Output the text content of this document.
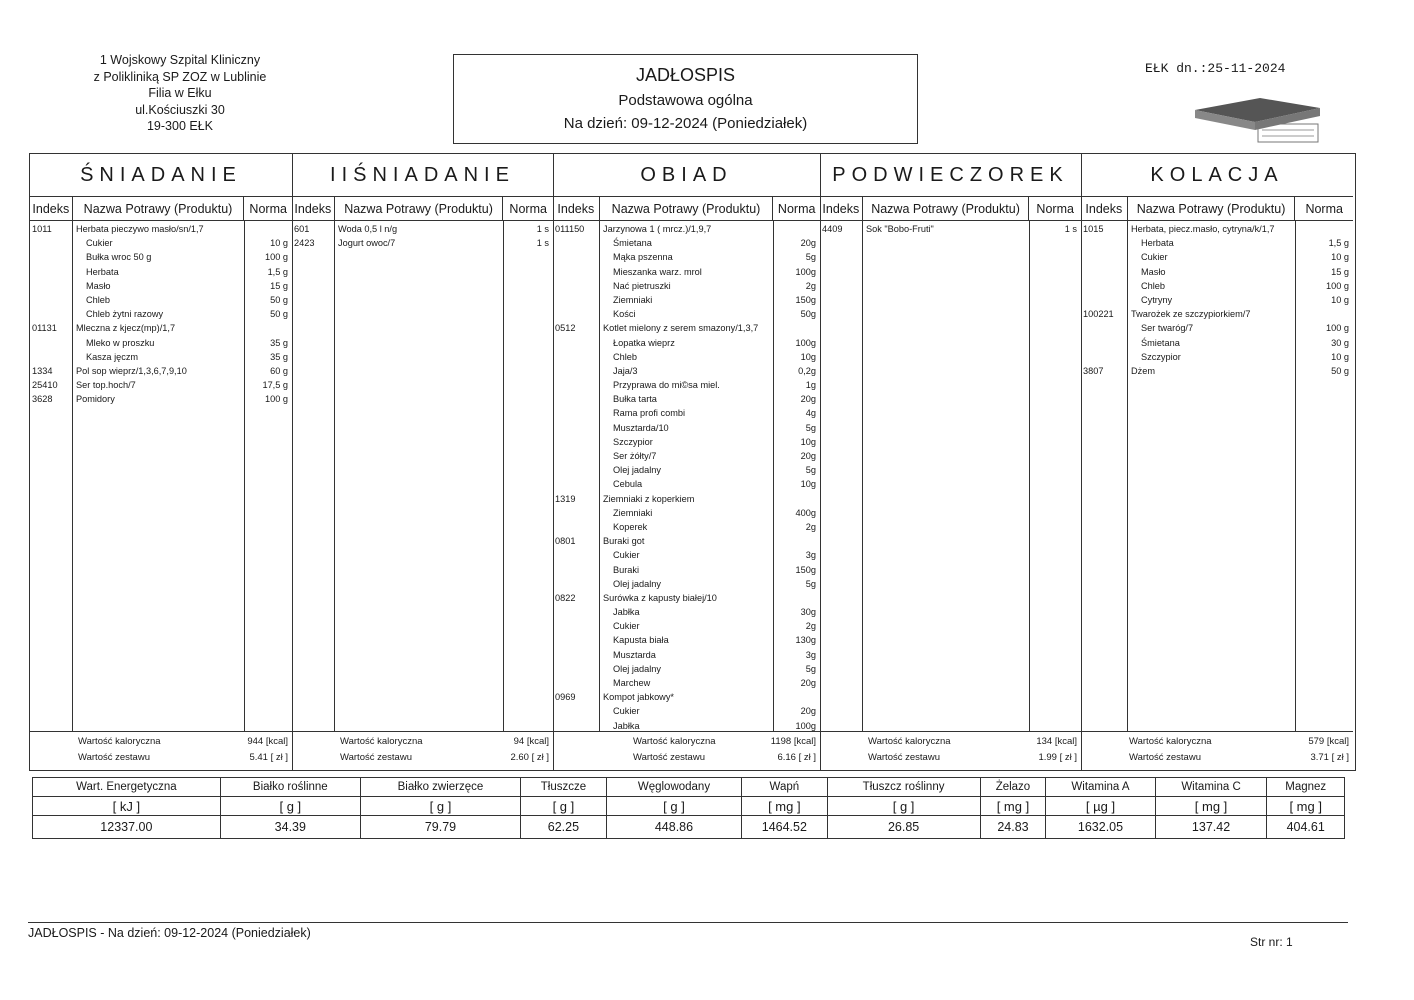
1 Wojskowy Szpital Kliniczny
z Polikliniką SP ZOZ w Lublinie
Filia w Ełku
ul.Kościuszki 30
19-300 EŁK
JADŁOSPIS
Podstawowa ogólna
Na dzień: 09-12-2024 (Poniedziałek)
EŁK dn.:25-11-2024
ŚNIADANIE
Indeks	Nazwa Potrawy (Produktu)	Norma
1011	Herbata pieczywo masło/sn/1,7
Cukier	10 g
Bułka wroc 50 g	100 g
Herbata	1,5 g
Masło	15 g
Chleb	50 g
Chleb żytni razowy	50 g
01131 Mleczna z kjecz(mp)/1,7
Mleko w proszku	35 g
Kasza jęczm	35 g
1334	Pol sop wieprz/1,3,6,7,9,10	60 g
25410 Ser top.hoch/7	17,5 g
3628	Pomidory	100 g
Wartość kaloryczna	944 [kcal]
Wartość zestawu	5.41 [ zł ]
IIŚNIADANIE
Indeks	Nazwa Potrawy (Produktu)	Norma
601	Woda 0,5 l n/g	1 s
2423	Jogurt owoc/7	1 s
Wartość kaloryczna	94 [kcal]
Wartość zestawu	2.60 [ zł ]
OBIAD
Indeks	Nazwa Potrawy (Produktu)	Norma
011150 Jarzynowa 1 ( mrcz.)/1,9,7
Śmietana	20g
Mąka pszenna	5g
Mieszanka warz. mrol	100g
Nać pietruszki	2g
Ziemniaki	150g
Kości	50g
0512	Kotlet mielony z serem smazony/1,3,7
Łopatka wieprz	100g
Chleb	10g
Jaja/3	0,2g
Przyprawa do mi©sa miel.	1g
Bułka tarta	20g
Rama profi combi	4g
Musztarda/10	5g
Szczypior	10g
Ser żółty/7	20g
Olej jadalny	5g
Cebula	10g
1319	Ziemniaki z koperkiem
Ziemniaki	400g
Koperek	2g
0801	Buraki got
Cukier	3g
Buraki	150g
Olej jadalny	5g
0822	Surówka z kapusty białej/10
Jabłka	30g
Cukier	2g
Kapusta biała	130g
Musztarda	3g
Olej jadalny	5g
Marchew	20g
0969	Kompot jabkowy*
Cukier	20g
Jabłka	100g
Wartość kaloryczna	1198 [kcal]
Wartość zestawu	6.16 [ zł ]
PODWIECZOREK
Indeks Nazwa Potrawy (Produktu)	Norma
4409	Sok "Bobo-Fruti"	1 s
Wartość kaloryczna	134 [kcal]
Wartość zestawu	1.99 [ zł ]
KOLACJA
Indeks	Nazwa Potrawy (Produktu)	Norma
1015	Herbata, piecz.masło, cytryna/k/1,7
Herbata	1,5 g
Cukier	10 g
Masło	15 g
Chleb	100 g
Cytryny	10 g
100221 Twarożek ze szczypiorkiem/7
Ser twaróg/7	100 g
Śmietana	30 g
Szczypior	10 g
3807	Dżem	50 g
Wartość kaloryczna	579 [kcal]
Wartość zestawu	3.71 [ zł ]
Wart. Energetyczna	Białko roślinne	Białko zwierzęce	Tłuszcze	Węglowodany	Wapń	Tłuszcz roślinny	Żelazo	Witamina A	Witamina C	Magnez
[ kJ ]	[ g ]	[ g ]	[ g ]	[ g ]	[ mg ]	[ g ]	[ mg ]	[ µg ]	[ mg ]	[ mg ]
12337.00	34.39	79.79	62.25	448.86	1464.52	26.85	24.83	1632.05	137.42	404.61
JADŁOSPIS - Na dzień: 09-12-2024 (Poniedziałek)
Str nr: 1
